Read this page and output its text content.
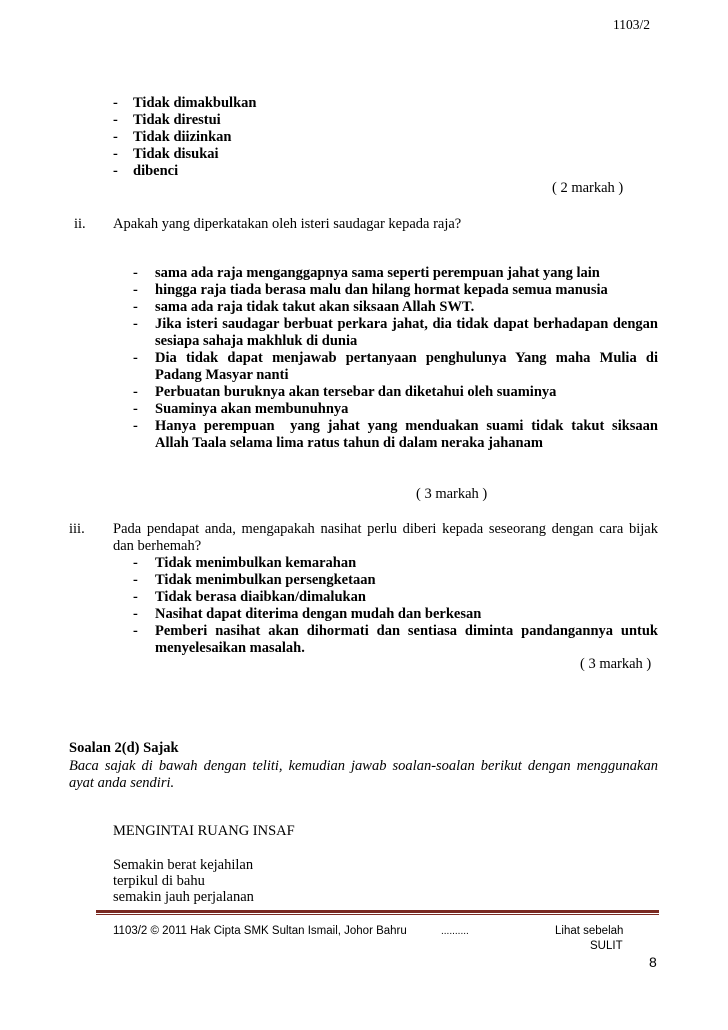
1103/2
- Tidak dimakbulkan
- Tidak direstui
- Tidak diizinkan
- Tidak disukai
- dibenci
( 2 markah )
ii. Apakah yang diperkatakan oleh isteri saudagar kepada raja?
- sama ada raja menganggapnya sama seperti perempuan jahat yang lain
- hingga raja tiada berasa malu dan hilang hormat kepada semua manusia
- sama ada raja tidak takut akan siksaan Allah SWT.
- Jika isteri saudagar berbuat perkara jahat, dia tidak dapat berhadapan dengan
sesiapa sahaja makhluk di dunia
- Dia tidak dapat menjawab pertanyaan penghulunya Yang maha Mulia di
Padang Masyar nanti
- Perbuatan buruknya akan tersebar dan diketahui oleh suaminya
- Suaminya akan membunuhnya
- Hanya perempuan  yang jahat yang menduakan suami tidak takut siksaan
Allah Taala selama lima ratus tahun di dalam neraka jahanam
( 3 markah )
iii. Pada pendapat anda, mengapakah nasihat perlu diberi kepada seseorang dengan cara bijak
dan berhemah?
- Tidak menimbulkan kemarahan
- Tidak menimbulkan persengketaan
- Tidak berasa diaibkan/dimalukan
- Nasihat dapat diterima dengan mudah dan berkesan
- Pemberi nasihat akan dihormati dan sentiasa diminta pandangannya untuk
menyelesaikan masalah.
( 3 markah )
Soalan 2(d) Sajak
Baca sajak di bawah dengan teliti, kemudian jawab soalan-soalan berikut dengan menggunakan
ayat anda sendiri.
MENGINTAI RUANG INSAF
Semakin berat kejahilan
terpikul di bahu
semakin jauh perjalanan
1103/2 © 2011 Hak Cipta SMK Sultan Ismail, Johor Bahru	..........	Lihat sebelah
SULIT
8
